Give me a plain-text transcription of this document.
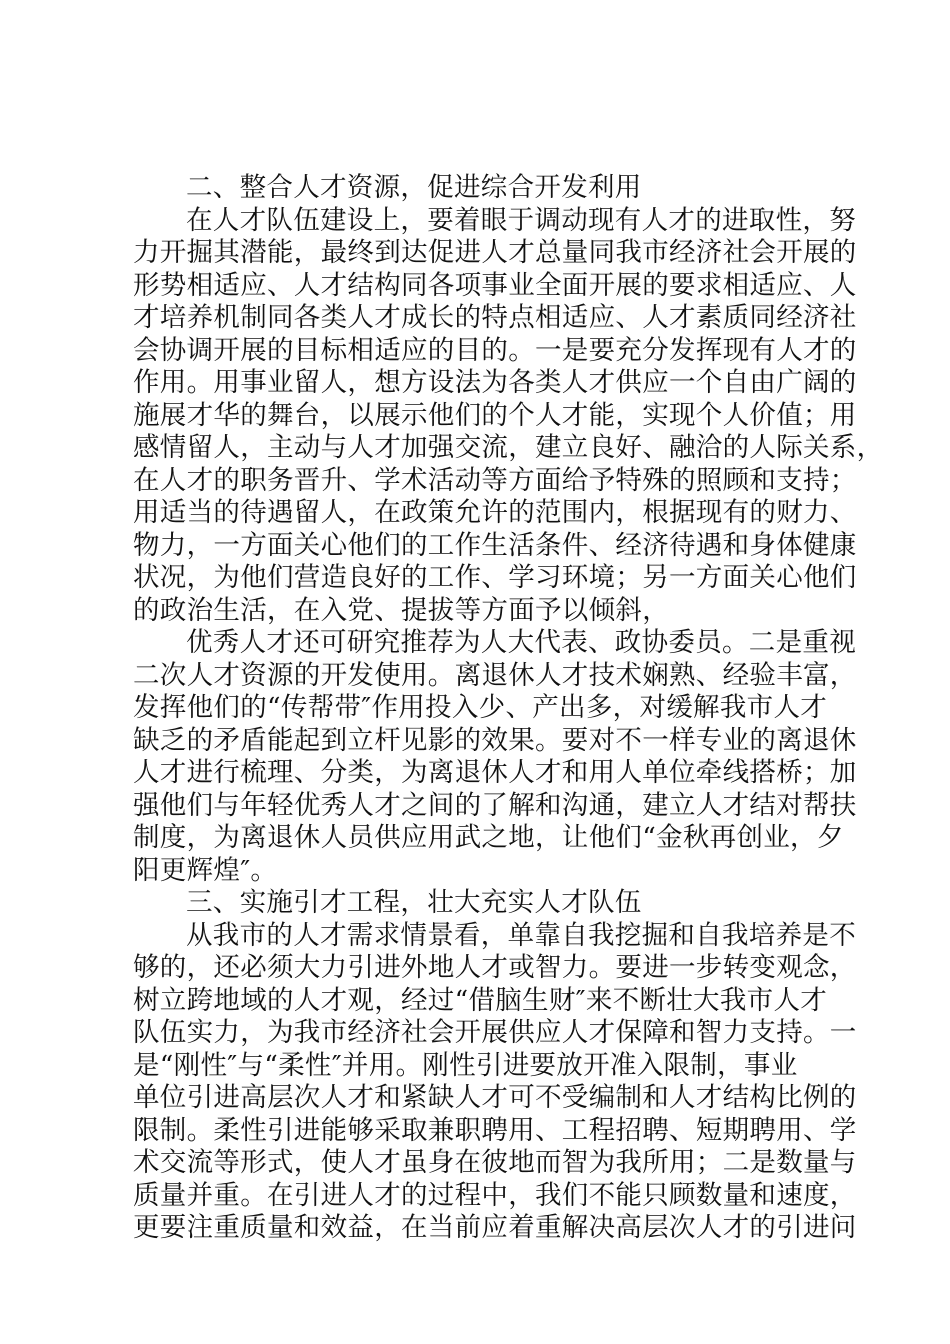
二、整合人才资源，促进综合开发利用
在人才队伍建设上，要着眼于调动现有人才的进取性，努
力开掘其潜能，最终到达促进人才总量同我市经济社会开展的
形势相适应、人才结构同各项事业全面开展的要求相适应、人
才培养机制同各类人才成长的特点相适应、人才素质同经济社
会协调开展的目标相适应的目的。一是要充分发挥现有人才的
作用。用事业留人，想方设法为各类人才供应一个自由广阔的
施展才华的舞台，以展示他们的个人才能，实现个人价值；用
感情留人，主动与人才加强交流，建立良好、融洽的人际关系，
在人才的职务晋升、学术活动等方面给予特殊的照顾和支持；
用适当的待遇留人，在政策允许的范围内，根据现有的财力、
物力，一方面关心他们的工作生活条件、经济待遇和身体健康
状况，为他们营造良好的工作、学习环境；另一方面关心他们
的政治生活，在入党、提拔等方面予以倾斜，
优秀人才还可研究推荐为人大代表、政协委员。二是重视
二次人才资源的开发使用。离退休人才技术娴熟、经验丰富，
发挥他们的“传帮带″作用投入少、产出多，对缓解我市人才
缺乏的矛盾能起到立杆见影的效果。要对不一样专业的离退休
人才进行梳理、分类，为离退休人才和用人单位牵线搭桥；加
强他们与年轻优秀人才之间的了解和沟通，建立人才结对帮扶
制度，为离退休人员供应用武之地，让他们“金秋再创业，夕
阳更辉煌″。
三、实施引才工程，壮大充实人才队伍
从我市的人才需求情景看，单靠自我挖掘和自我培养是不
够的，还必须大力引进外地人才或智力。要进一步转变观念，
树立跨地域的人才观，经过“借脑生财″来不断壮大我市人才
队伍实力，为我市经济社会开展供应人才保障和智力支持。一
是“刚性″与“柔性″并用。刚性引进要放开准入限制，事业
单位引进高层次人才和紧缺人才可不受编制和人才结构比例的
限制。柔性引进能够采取兼职聘用、工程招聘、短期聘用、学
术交流等形式，使人才虽身在彼地而智为我所用；二是数量与
质量并重。在引进人才的过程中，我们不能只顾数量和速度，
更要注重质量和效益，在当前应着重解决高层次人才的引进问
